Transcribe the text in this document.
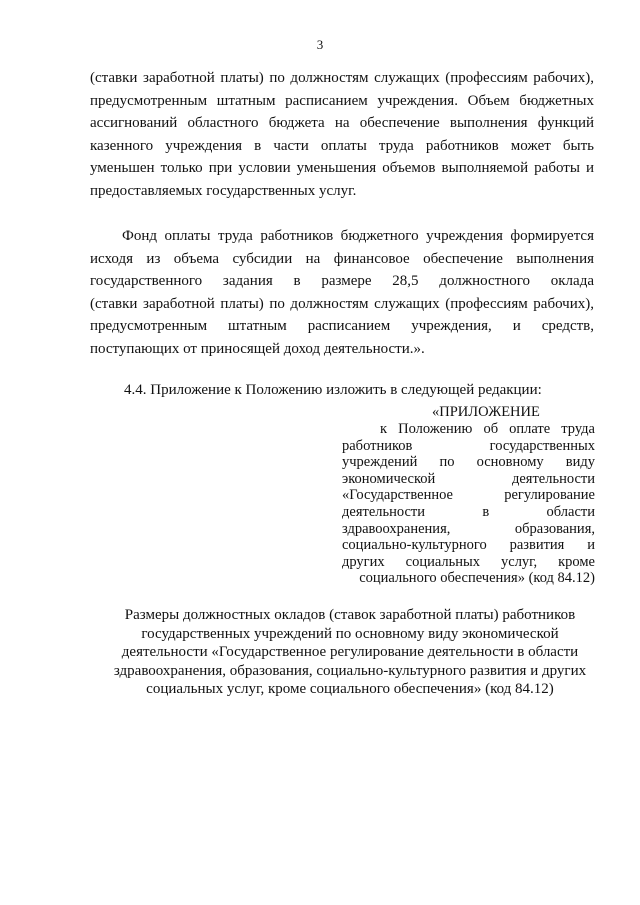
3
(ставки заработной платы) по должностям служащих (профессиям рабочих),
предусмотренным штатным расписанием учреждения. Объем бюджетных
ассигнований областного бюджета на обеспечение выполнения функций
казенного учреждения в части оплаты труда работников может быть
уменьшен только при условии уменьшения объемов выполняемой работы и
предоставляемых государственных услуг.
Фонд оплаты труда работников бюджетного учреждения формируется
исходя из объема субсидии на финансовое обеспечение выполнения
государственного задания в размере 28,5 должностного оклада
(ставки заработной платы) по должностям служащих (профессиям рабочих),
предусмотренным штатным расписанием учреждения, и средств,
поступающих от приносящей доход деятельности.».
4.4. Приложение к Положению изложить в следующей редакции:
«ПРИЛОЖЕНИЕ
к Положению об оплате труда
работников государственных
учреждений по основному виду
экономической деятельности
«Государственное регулирование
деятельности в области
здравоохранения, образования,
социально-культурного развития и
других социальных услуг, кроме
социального обеспечения» (код 84.12)
Размеры должностных окладов (ставок заработной платы) работников
государственных учреждений по основному виду экономической
деятельности «Государственное регулирование деятельности в области
здравоохранения, образования, социально-культурного развития и других
социальных услуг, кроме социального обеспечения» (код 84.12)
